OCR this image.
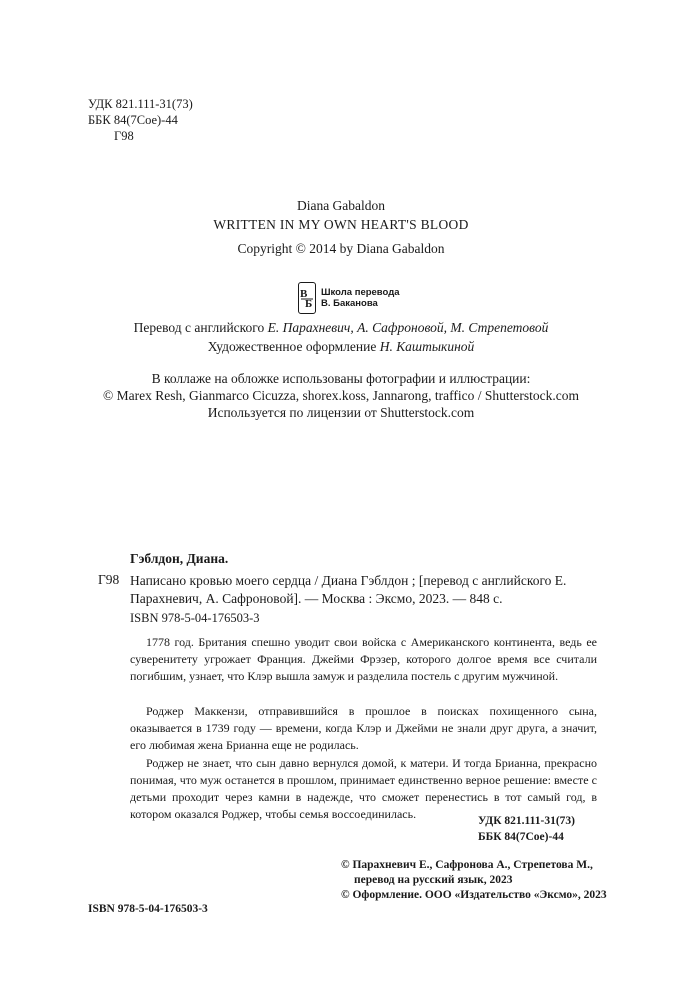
УДК 821.111-31(73)
ББК 84(7Сое)-44
Г98
Diana Gabaldon
WRITTEN IN MY OWN HEART'S BLOOD
Copyright © 2014 by Diana Gabaldon
В
Б
Школа перевода
В. Баканова
Перевод с английского Е. Парахневич, А. Сафроновой, М. Стрепетовой
Художественное оформление Н. Каштыкиной
В коллаже на обложке использованы фотографии и иллюстрации:
© Marex Resh, Gianmarco Cicuzza, shorex.koss, Jannarong, traffico / Shutterstock.com
Используется по лицензии от Shutterstock.com
Гэблдон, Диана.
Г98 Написано кровью моего сердца / Диана Гэблдон ; [перевод с английского Е. Парахневич, А. Сафроновой]. — Москва : Эксмо, 2023. — 848 с.
ISBN 978-5-04-176503-3
1778 год. Британия спешно уводит свои войска с Американского континента, ведь ее суверенитету угрожает Франция. Джейми Фрэзер, которого долгое время все считали погибшим, узнает, что Клэр вышла замуж и разделила постель с другим мужчиной.
Роджер Маккензи, отправившийся в прошлое в поисках похищенного сына, оказывается в 1739 году — времени, когда Клэр и Джейми не знали друг друга, а значит, его любимая жена Брианна еще не родилась.
Роджер не знает, что сын давно вернулся домой, к матери. И тогда Брианна, прекрасно понимая, что муж останется в прошлом, принимает единственно верное решение: вместе с детьми проходит через камни в надежде, что сможет перенестись в тот самый год, в котором оказался Роджер, чтобы семья воссоединилась.	УДК 821.111-31(73)
ББК 84(7Сое)-44
ISBN 978-5-04-176503-3
© Парахневич Е., Сафронова А., Стрепетова М.,
перевод на русский язык, 2023
© Оформление. ООО «Издательство «Эксмо», 2023
